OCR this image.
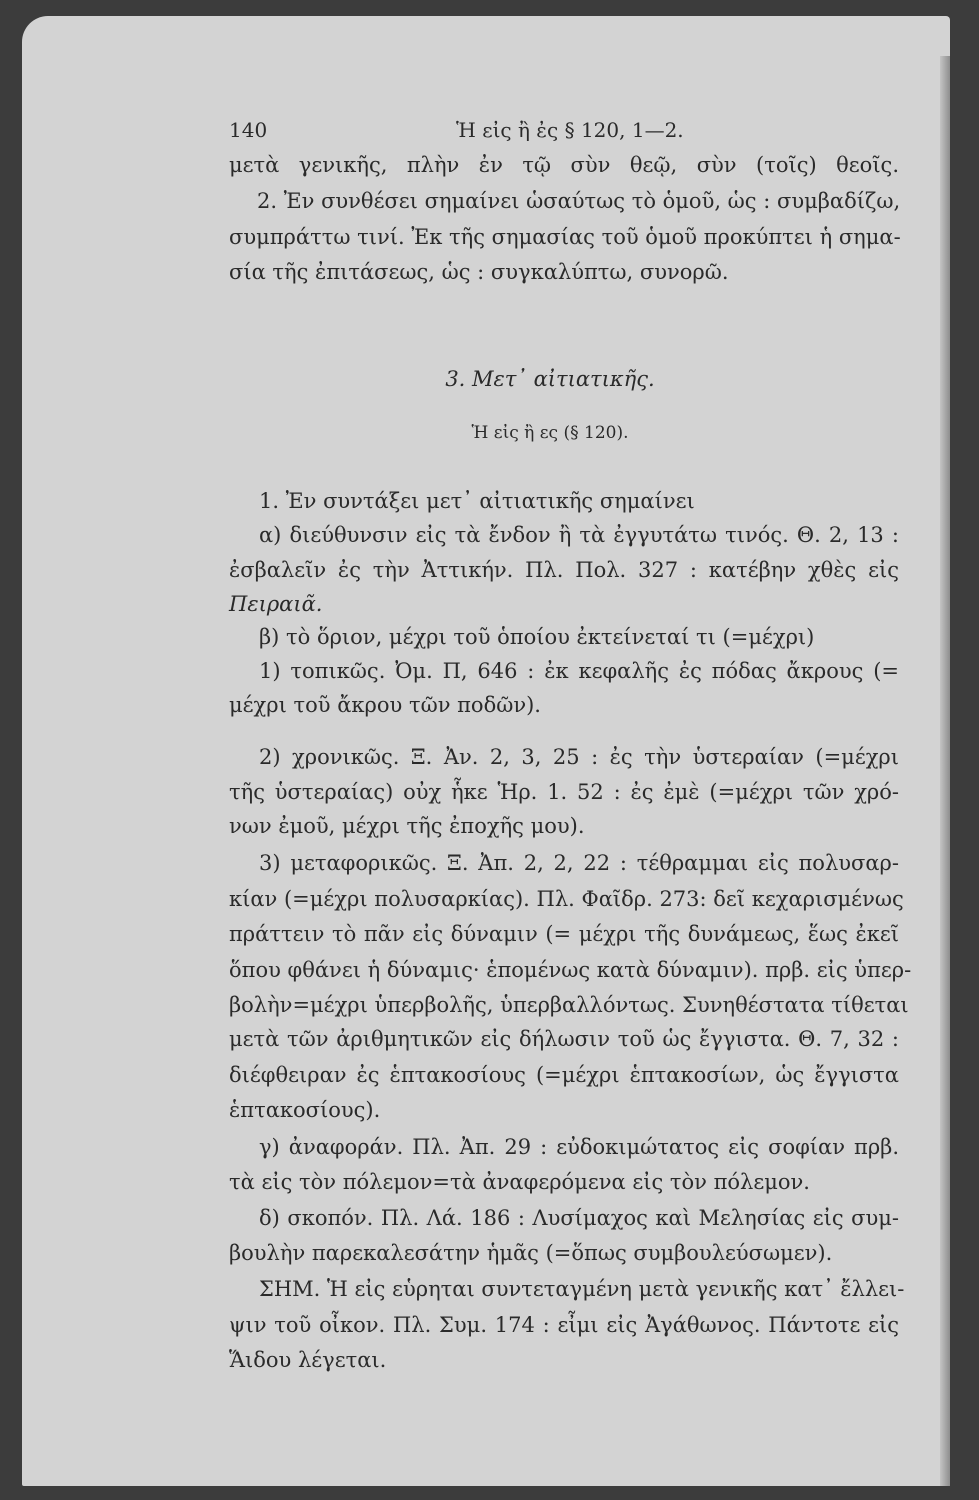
140	Ἡ εἰς ἢ ἐς § 120, 1—2.
μετὰ γενικῆς, πλὴν ἐν τῷ σὺν θεῷ, σὺν (τοῖς) θεοῖς.
2. Ἐν συνθέσει σημαίνει ὡσαύτως τὸ ὁμοῦ, ὡς : συμβαδίζω,
συμπράττω τινί. Ἐκ τῆς σημασίας τοῦ ὁμοῦ προκύπτει ἡ σημα-
σία τῆς ἐπιτάσεως, ὡς : συγκαλύπτω, συνορῶ.
3. Μετ᾽ αἰτιατικῆς.
Ἡ εἰς ἢ ες (§ 120).
1. Ἐν συντάξει μετ᾽ αἰτιατικῆς σημαίνει
α) διεύθυνσιν εἰς τὰ ἔνδον ἢ τὰ ἐγγυτάτω τινός. Θ. 2, 13 :
ἐσβαλεῖν ἐς τὴν Ἀττικήν. Πλ. Πολ. 327 : κατέβην χθὲς εἰς
Πειραιᾶ.
β) τὸ ὅριον, μέχρι τοῦ ὁποίου ἐκτείνεταί τι (=μέχρι)
1) τοπικῶς. Ὀμ. Π, 646 : ἐκ κεφαλῆς ἐς πόδας ἄκρους (=
μέχρι τοῦ ἄκρου τῶν ποδῶν).
2) χρονικῶς. Ξ. Ἀν. 2, 3, 25 : ἐς τὴν ὑστεραίαν (=μέχρι
τῆς ὑστεραίας) οὐχ ἧκε Ἡρ. 1. 52 : ἐς ἐμὲ (=μέχρι τῶν χρό-
νων ἐμοῦ, μέχρι τῆς ἐποχῆς μου).
3) μεταφορικῶς. Ξ. Ἀπ. 2, 2, 22 : τέθραμμαι εἰς πολυσαρ-
κίαν (=μέχρι πολυσαρκίας). Πλ. Φαῖδρ. 273: δεῖ κεχαρισμένως
πράττειν τὸ πᾶν εἰς δύναμιν (= μέχρι τῆς δυνάμεως, ἕως ἐκεῖ
ὅπου φθάνει ἡ δύναμις· ἑπομένως κατὰ δύναμιν). πρβ. εἰς ὑπερ-
βολὴν=μέχρι ὑπερβολῆς, ὑπερβαλλόντως. Συνηθέστατα τίθεται
μετὰ τῶν ἀριθμητικῶν εἰς δήλωσιν τοῦ ὡς ἔγγιστα. Θ. 7, 32 :
διέφθειραν ἐς ἑπτακοσίους (=μέχρι ἑπτακοσίων, ὡς ἔγγιστα
ἑπτακοσίους).
γ) ἀναφοράν. Πλ. Ἀπ. 29 : εὐδοκιμώτατος εἰς σοφίαν πρβ.
τὰ εἰς τὸν πόλεμον=τὰ ἀναφερόμενα εἰς τὸν πόλεμον.
δ) σκοπόν. Πλ. Λά. 186 : Λυσίμαχος καὶ Μελησίας εἰς συμ-
βουλὴν παρεκαλεσάτην ἡμᾶς (=ὅπως συμβουλεύσωμεν).
ΣΗΜ. Ἡ εἰς εὑρηται συντεταγμένη μετὰ γενικῆς κατ᾽ ἔλλει-
ψιν τοῦ οἶκον. Πλ. Συμ. 174 : εἶμι εἰς Ἀγάθωνος. Πάντοτε εἰς
Ἅιδου λέγεται.
